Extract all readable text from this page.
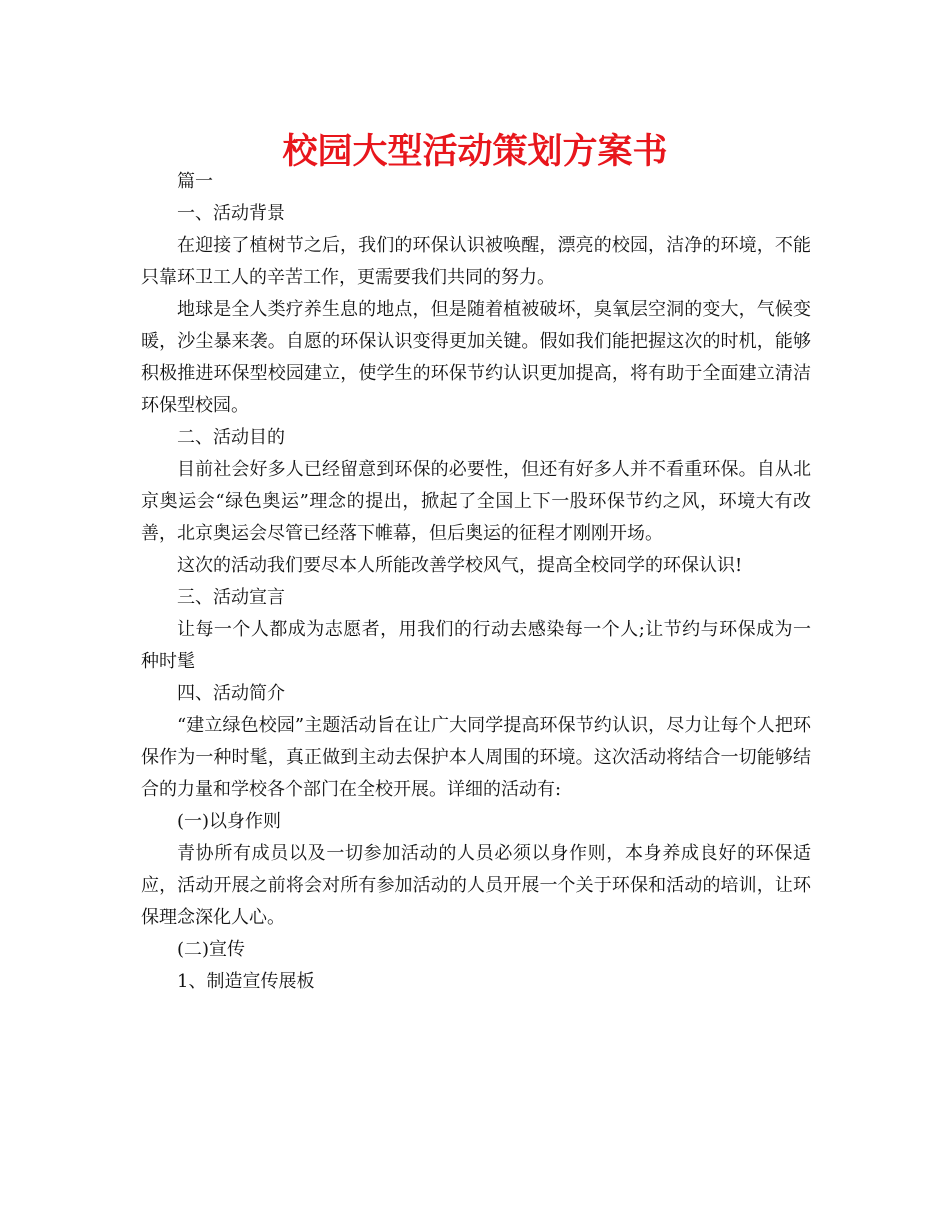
校园大型活动策划方案书

篇一

一、活动背景

在迎接了植树节之后，我们的环保认识被唤醒，漂亮的校园，洁净的环境，不能只靠环卫工人的辛苦工作，更需要我们共同的努力。

地球是全人类疗养生息的地点，但是随着植被破坏，臭氧层空洞的变大，气候变暖，沙尘暴来袭。自愿的环保认识变得更加关键。假如我们能把握这次的时机，能够积极推进环保型校园建立，使学生的环保节约认识更加提高，将有助于全面建立清洁环保型校园。

二、活动目的

目前社会好多人已经留意到环保的必要性，但还有好多人并不看重环保。自从北京奥运会“绿色奥运”理念的提出，掀起了全国上下一股环保节约之风，环境大有改善，北京奥运会尽管已经落下帷幕，但后奥运的征程才刚刚开场。

这次的活动我们要尽本人所能改善学校风气，提高全校同学的环保认识!

三、活动宣言

让每一个人都成为志愿者，用我们的行动去感染每一个人;让节约与环保成为一种时髦

四、活动简介

“建立绿色校园”主题活动旨在让广大同学提高环保节约认识，尽力让每个人把环保作为一种时髦，真正做到主动去保护本人周围的环境。这次活动将结合一切能够结合的力量和学校各个部门在全校开展。详细的活动有:

(一)以身作则

青协所有成员以及一切参加活动的人员必须以身作则，本身养成良好的环保适应，活动开展之前将会对所有参加活动的人员开展一个关于环保和活动的培训，让环保理念深化人心。

(二)宣传

1、制造宣传展板
